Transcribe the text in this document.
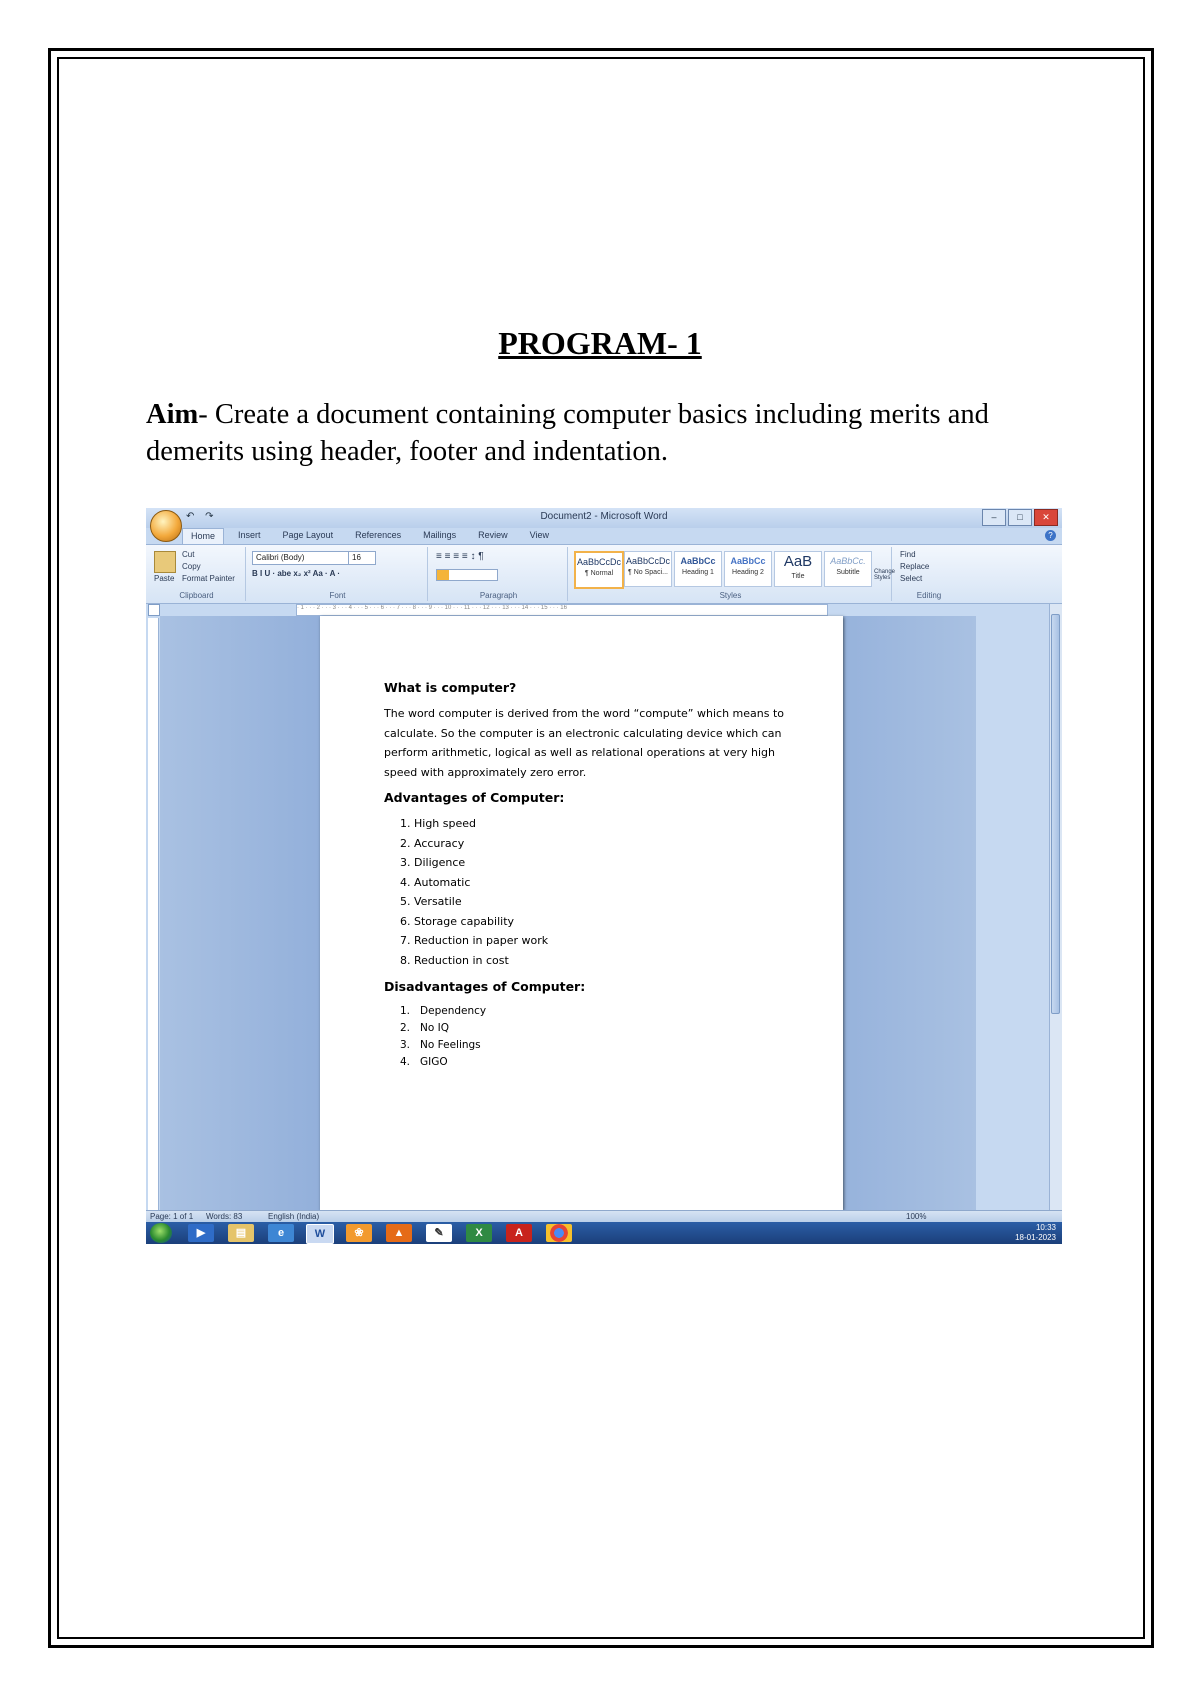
PROGRAM- 1
Aim- Create a document containing computer basics including merits and demerits using header, footer and indentation.
Document2 - Microsoft Word
↶ ↷	–	□	✕
Home	Insert	Page Layout	References	Mailings	Review	View	?
Paste
Cut
Copy
Format Painter
Clipboard
Calibri (Body)	16
B I U · abe x₂ x² Aa · A ·
Font
≡ ≡ ≡ ≡ ↕ ¶
Paragraph
AaBbCcDc
¶ Normal
AaBbCcDc
¶ No Spaci...
AaBbCc
Heading 1
AaBbCc
Heading 2
AaB
Title
AaBbCc.
Subtitle	Change Styles
Styles
Find
Replace
Select
Editing
· 1 · · · 2 · · · 3 · · · 4 · · · 5 · · · 6 · · · 7 · · · 8 · · · 9 · · · 10 · · · 11 · · · 12 · · · 13 · · · 14 · · · 15 · · · 16
What is computer?
The word computer is derived from the word “compute” which means to calculate. So the computer is an electronic calculating device which can perform arithmetic, logical as well as relational operations at very high speed with approximately zero error.
Advantages of Computer:
1. High speed
2. Accuracy
3. Diligence
4. Automatic
5. Versatile
6. Storage capability
7. Reduction in paper work
8. Reduction in cost
Disadvantages of Computer:
1.   Dependency
2.   No IQ
3.   No Feelings
4.   GIGO
Page: 1 of 1 Words: 83	English (India)	100%
▶	▤	e	W	❀	▲	✎	X	A	10:33
18-01-2023
